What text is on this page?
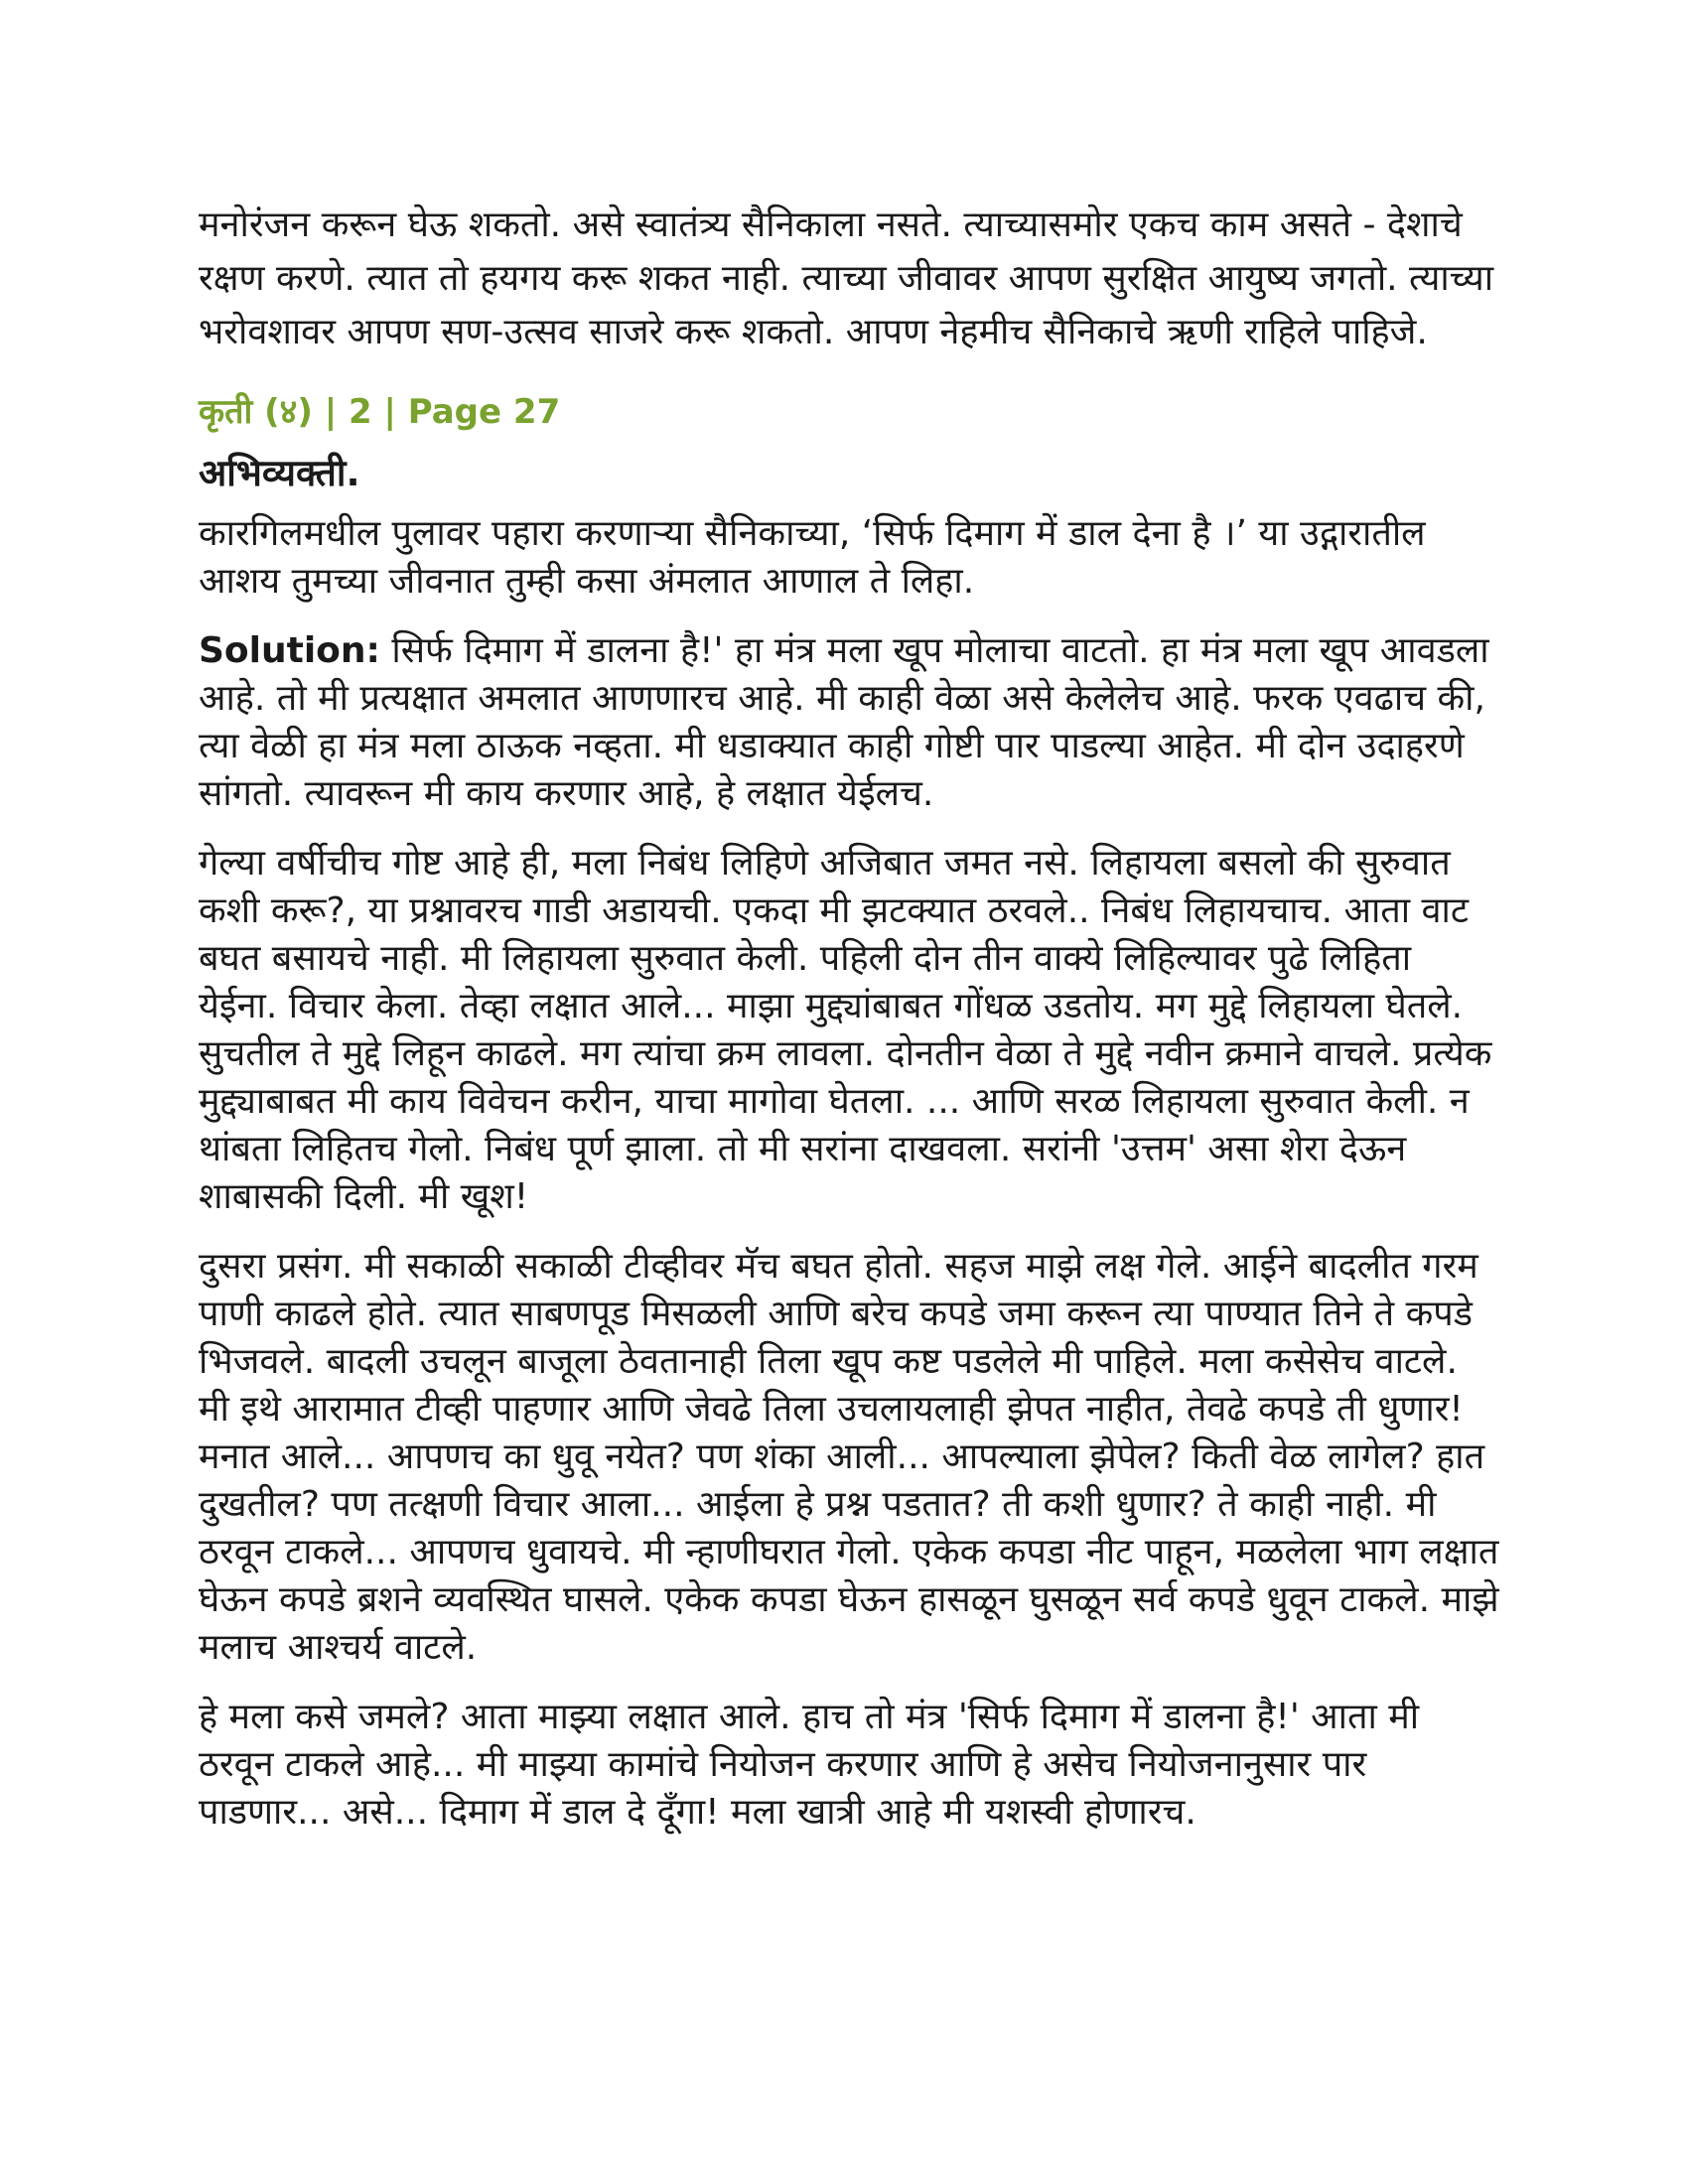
मनोरंजन करून घेऊ शकतो. असे स्वातंत्र्य सैनिकाला नसते. त्याच्यासमोर एकच काम असते - देशाचे रक्षण करणे. त्यात तो हयगय करू शकत नाही. त्याच्या जीवावर आपण सुरक्षित आयुष्य जगतो. त्याच्या भरोवशावर आपण सण-उत्सव साजरे करू शकतो. आपण नेहमीच सैनिकाचे ऋणी राहिले पाहिजे.

कृती (४) | 2 | Page 27
अभिव्यक्ती.

कारगिलमधील पुलावर पहारा करणाऱ्या सैनिकाच्या, ‘सिर्फ दिमाग में डाल देना है ।’ या उद्गारातील आशय तुमच्या जीवनात तुम्ही कसा अंमलात आणाल ते लिहा.

Solution: सिर्फ दिमाग में डालना है!' हा मंत्र मला खूप मोलाचा वाटतो. हा मंत्र मला खूप आवडला आहे. तो मी प्रत्यक्षात अमलात आणणारच आहे. मी काही वेळा असे केलेलेच आहे. फरक एवढाच की, त्या वेळी हा मंत्र मला ठाऊक नव्हता. मी धडाक्यात काही गोष्टी पार पाडल्या आहेत. मी दोन उदाहरणे सांगतो. त्यावरून मी काय करणार आहे, हे लक्षात येईलच.

गेल्या वर्षीचीच गोष्ट आहे ही, मला निबंध लिहिणे अजिबात जमत नसे. लिहायला बसलो की सुरुवात कशी करू?, या प्रश्नावरच गाडी अडायची. एकदा मी झटक्यात ठरवले.. निबंध लिहायचाच. आता वाट बघत बसायचे नाही. मी लिहायला सुरुवात केली. पहिली दोन तीन वाक्ये लिहिल्यावर पुढे लिहिता येईना. विचार केला. तेव्हा लक्षात आले... माझा मुद्द्यांबाबत गोंधळ उडतोय. मग मुद्दे लिहायला घेतले. सुचतील ते मुद्दे लिहून काढले. मग त्यांचा क्रम लावला. दोनतीन वेळा ते मुद्दे नवीन क्रमाने वाचले. प्रत्येक मुद्द्याबाबत मी काय विवेचन करीन, याचा मागोवा घेतला. ... आणि सरळ लिहायला सुरुवात केली. न थांबता लिहितच गेलो. निबंध पूर्ण झाला. तो मी सरांना दाखवला. सरांनी 'उत्तम' असा शेरा देऊन शाबासकी दिली. मी खूश!

दुसरा प्रसंग. मी सकाळी सकाळी टीव्हीवर मॅच बघत होतो. सहज माझे लक्ष गेले. आईने बादलीत गरम पाणी काढले होते. त्यात साबणपूड मिसळली आणि बरेच कपडे जमा करून त्या पाण्यात तिने ते कपडे भिजवले. बादली उचलून बाजूला ठेवतानाही तिला खूप कष्ट पडलेले मी पाहिले. मला कसेसेच वाटले. मी इथे आरामात टीव्ही पाहणार आणि जेवढे तिला उचलायलाही झेपत नाहीत, तेवढे कपडे ती धुणार! मनात आले... आपणच का धुवू नयेत? पण शंका आली... आपल्याला झेपेल? किती वेळ लागेल? हात दुखतील? पण तत्क्षणी विचार आला... आईला हे प्रश्न पडतात? ती कशी धुणार? ते काही नाही. मी ठरवून टाकले... आपणच धुवायचे. मी न्हाणीघरात गेलो. एकेक कपडा नीट पाहून, मळलेला भाग लक्षात घेऊन कपडे ब्रशने व्यवस्थित घासले. एकेक कपडा घेऊन हासळून घुसळून सर्व कपडे धुवून टाकले. माझे मलाच आश्चर्य वाटले.

हे मला कसे जमले? आता माझ्या लक्षात आले. हाच तो मंत्र 'सिर्फ दिमाग में डालना है!' आता मी ठरवून टाकले आहे... मी माझ्या कामांचे नियोजन करणार आणि हे असेच नियोजनानुसार पार पाडणार... असे... दिमाग में डाल दे दूँगा! मला खात्री आहे मी यशस्वी होणारच.
